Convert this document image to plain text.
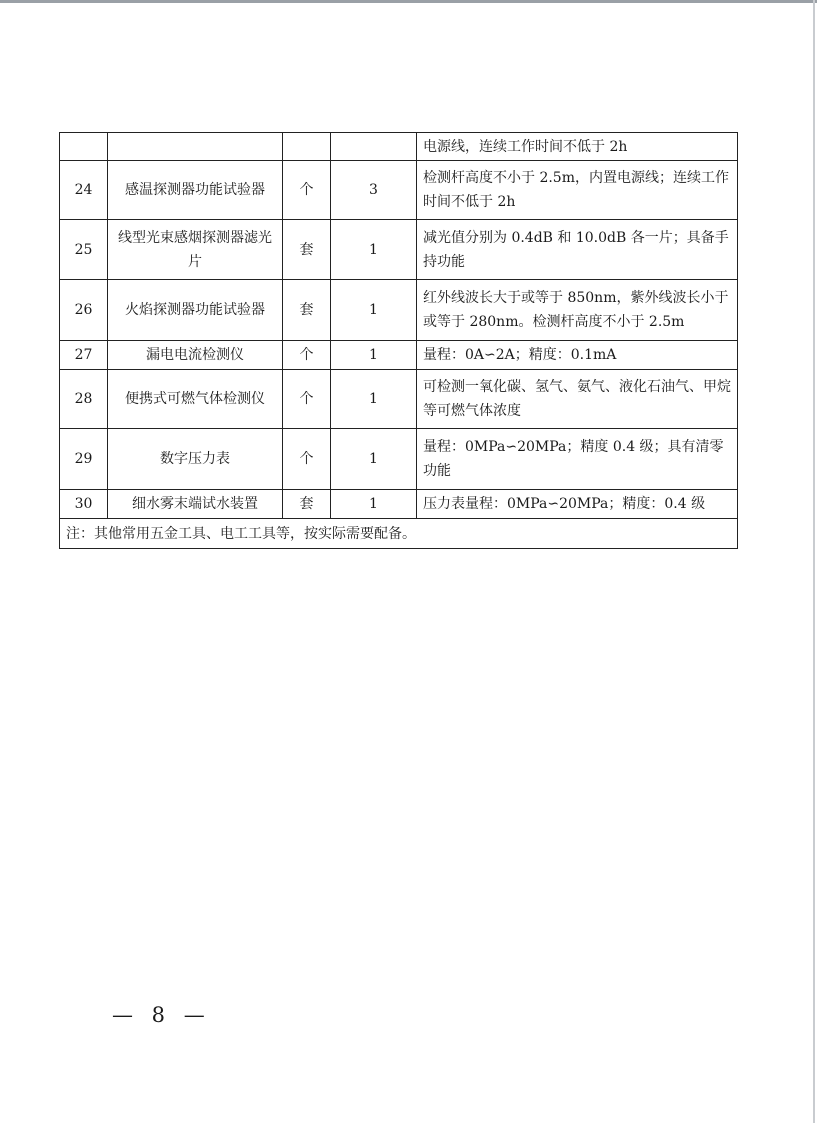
				电源线，连续工作时间不低于 2h
24	感温探测器功能试验器	个	3	检测杆高度不小于 2.5m，内置电源线；连续工作时间不低于 2h
25	线型光束感烟探测器滤光片	套	1	减光值分别为 0.4dB 和 10.0dB 各一片；具备手持功能
26	火焰探测器功能试验器	套	1	红外线波长大于或等于 850nm，紫外线波长小于或等于 280nm。检测杆高度不小于 2.5m
27	漏电电流检测仪	个	1	量程：0A∽2A；精度：0.1mA
28	便携式可燃气体检测仪	个	1	可检测一氧化碳、氢气、氨气、液化石油气、甲烷等可燃气体浓度
29	数字压力表	个	1	量程：0MPa∽20MPa；精度 0.4 级；具有清零功能
30	细水雾末端试水装置	套	1	压力表量程：0MPa∽20MPa；精度：0.4 级
注：其他常用五金工具、电工工具等，按实际需要配备。				
— 8 —
